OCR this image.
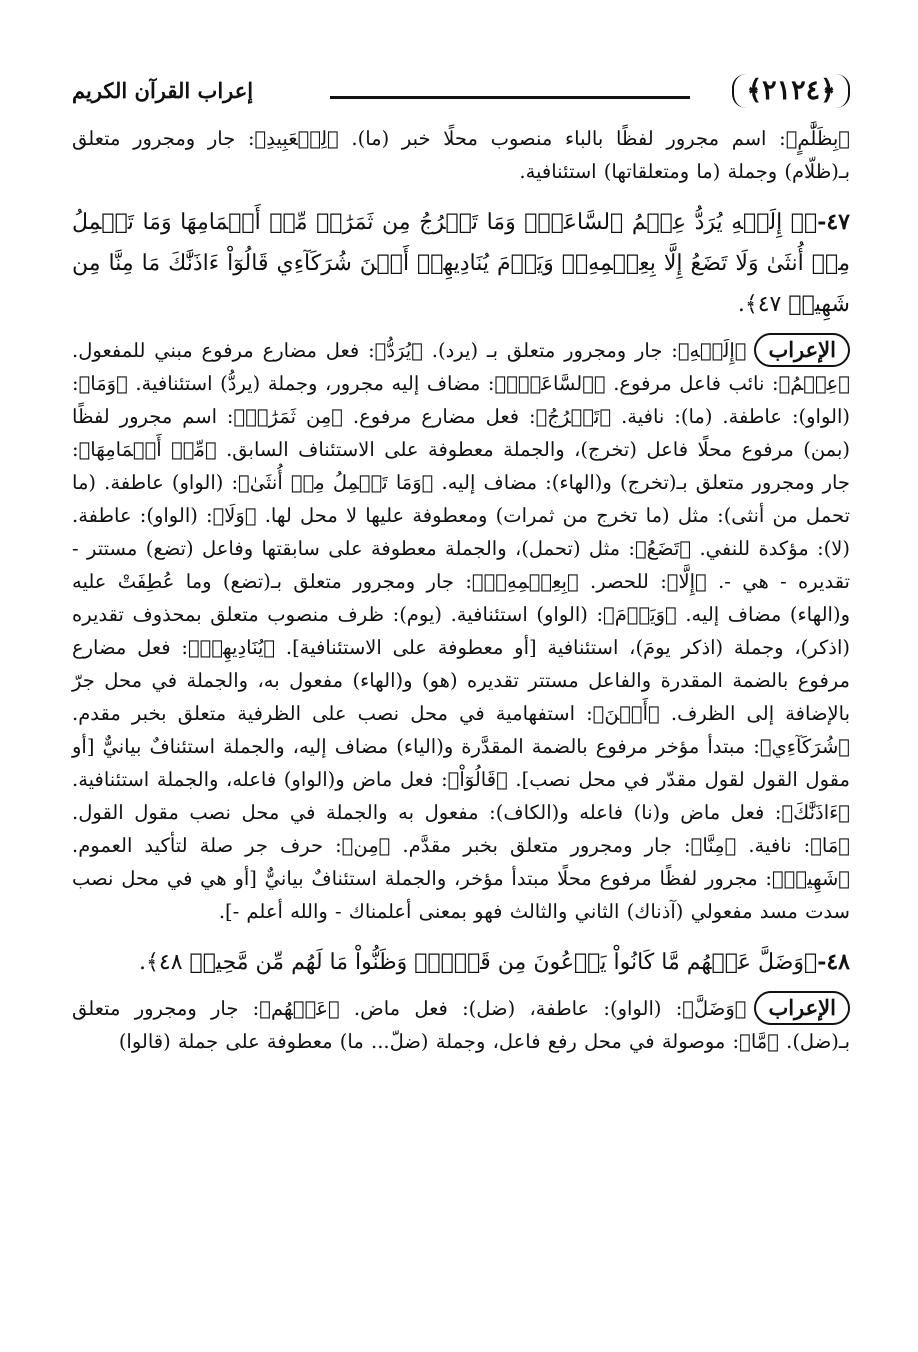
﴿٢١٢٤﴾
إعراب القرآن الكريم

﴿بِظَلَّٰمٍ﴾: اسم مجرور لفظًا بالباء منصوب محلًا خبر (ما). ﴿لِلۡعَبِيدِ﴾: جار ومجرور متعلق بـ(ظلّام) وجملة (ما ومتعلقاتها) استئنافية.

٤٧-﴿۞ إِلَيۡهِ يُرَدُّ عِلۡمُ ٱلسَّاعَةِۚ وَمَا تَخۡرُجُ مِن ثَمَرَٰتٖ مِّنۡ أَكۡمَامِهَا وَمَا تَحۡمِلُ مِنۡ أُنثَىٰ وَلَا تَضَعُ إِلَّا بِعِلۡمِهِۦۚ وَيَوۡمَ يُنَادِيهِمۡ أَيۡنَ شُرَكَآءِي قَالُوٓاْ ءَاذَنَّٰكَ مَا مِنَّا مِن شَهِيدٖ ٤٧﴾.

الإعراب﴿إِلَيۡهِ﴾: جار ومجرور متعلق بـ (يرد). ﴿يُرَدُّ﴾: فعل مضارع مرفوع مبني للمفعول. ﴿عِلۡمُ﴾: نائب فاعل مرفوع. ﴿ٱلسَّاعَةِۚ﴾: مضاف إليه مجرور، وجملة (يردُّ) استئنافية. ﴿وَمَا﴾: (الواو): عاطفة. (ما): نافية. ﴿تَخۡرُجُ﴾: فعل مضارع مرفوع. ﴿مِن ثَمَرَٰتٖ﴾: اسم مجرور لفظًا (بمن) مرفوع محلًا فاعل (تخرج)، والجملة معطوفة على الاستئناف السابق. ﴿مِّنۡ أَكۡمَامِهَا﴾: جار ومجرور متعلق بـ(تخرج) و(الهاء): مضاف إليه. ﴿وَمَا تَحۡمِلُ مِنۡ أُنثَىٰ﴾: (الواو) عاطفة. (ما تحمل من أنثى): مثل (ما تخرج من ثمرات) ومعطوفة عليها لا محل لها. ﴿وَلَا﴾: (الواو): عاطفة. (لا): مؤكدة للنفي. ﴿تَضَعُ﴾: مثل (تحمل)، والجملة معطوفة على سابقتها وفاعل (تضع) مستتر - تقديره - هي -. ﴿إِلَّا﴾: للحصر. ﴿بِعِلۡمِهِۦۚ﴾: جار ومجرور متعلق بـ(تضع) وما عُطِفَتْ عليه و(الهاء) مضاف إليه. ﴿وَيَوۡمَ﴾: (الواو) استئنافية. (يوم): ظرف منصوب متعلق بمحذوف تقديره (اذكر)، وجملة (اذكر يومَ)، استئنافية [أو معطوفة على الاستئنافية]. ﴿يُنَادِيهِمۡ﴾: فعل مضارع مرفوع بالضمة المقدرة والفاعل مستتر تقديره (هو) و(الهاء) مفعول به، والجملة في محل جرّ بالإضافة إلى الظرف. ﴿أَيۡنَ﴾: استفهامية في محل نصب على الظرفية متعلق بخبر مقدم. ﴿شُرَكَآءِي﴾: مبتدأ مؤخر مرفوع بالضمة المقدَّرة و(الياء) مضاف إليه، والجملة استئنافٌ بيانيٌّ [أو مقول القول لقول مقدّر في محل نصب]. ﴿قَالُوٓاْ﴾: فعل ماض و(الواو) فاعله، والجملة استئنافية. ﴿ءَاذَنَّٰكَ﴾: فعل ماض و(نا) فاعله و(الكاف): مفعول به والجملة في محل نصب مقول القول. ﴿مَا﴾: نافية. ﴿مِنَّا﴾: جار ومجرور متعلق بخبر مقدَّم. ﴿مِن﴾: حرف جر صلة لتأكيد العموم. ﴿شَهِيدٖ﴾: مجرور لفظًا مرفوع محلًا مبتدأ مؤخر، والجملة استئنافٌ بيانيٌّ [أو هي في محل نصب سدت مسد مفعولي (آذناك) الثاني والثالث فهو بمعنى أعلمناك - والله أعلم -].

٤٨-﴿وَضَلَّ عَنۡهُم مَّا كَانُواْ يَدۡعُونَ مِن قَبۡلُۖ وَظَنُّواْ مَا لَهُم مِّن مَّحِيصٖ ٤٨﴾.

الإعراب﴿وَضَلَّ﴾: (الواو): عاطفة، (ضل): فعل ماض. ﴿عَنۡهُم﴾: جار ومجرور متعلق بـ(ضل). ﴿مَّا﴾: موصولة في محل رفع فاعل، وجملة (ضلّ... ما) معطوفة على جملة (قالوا)
